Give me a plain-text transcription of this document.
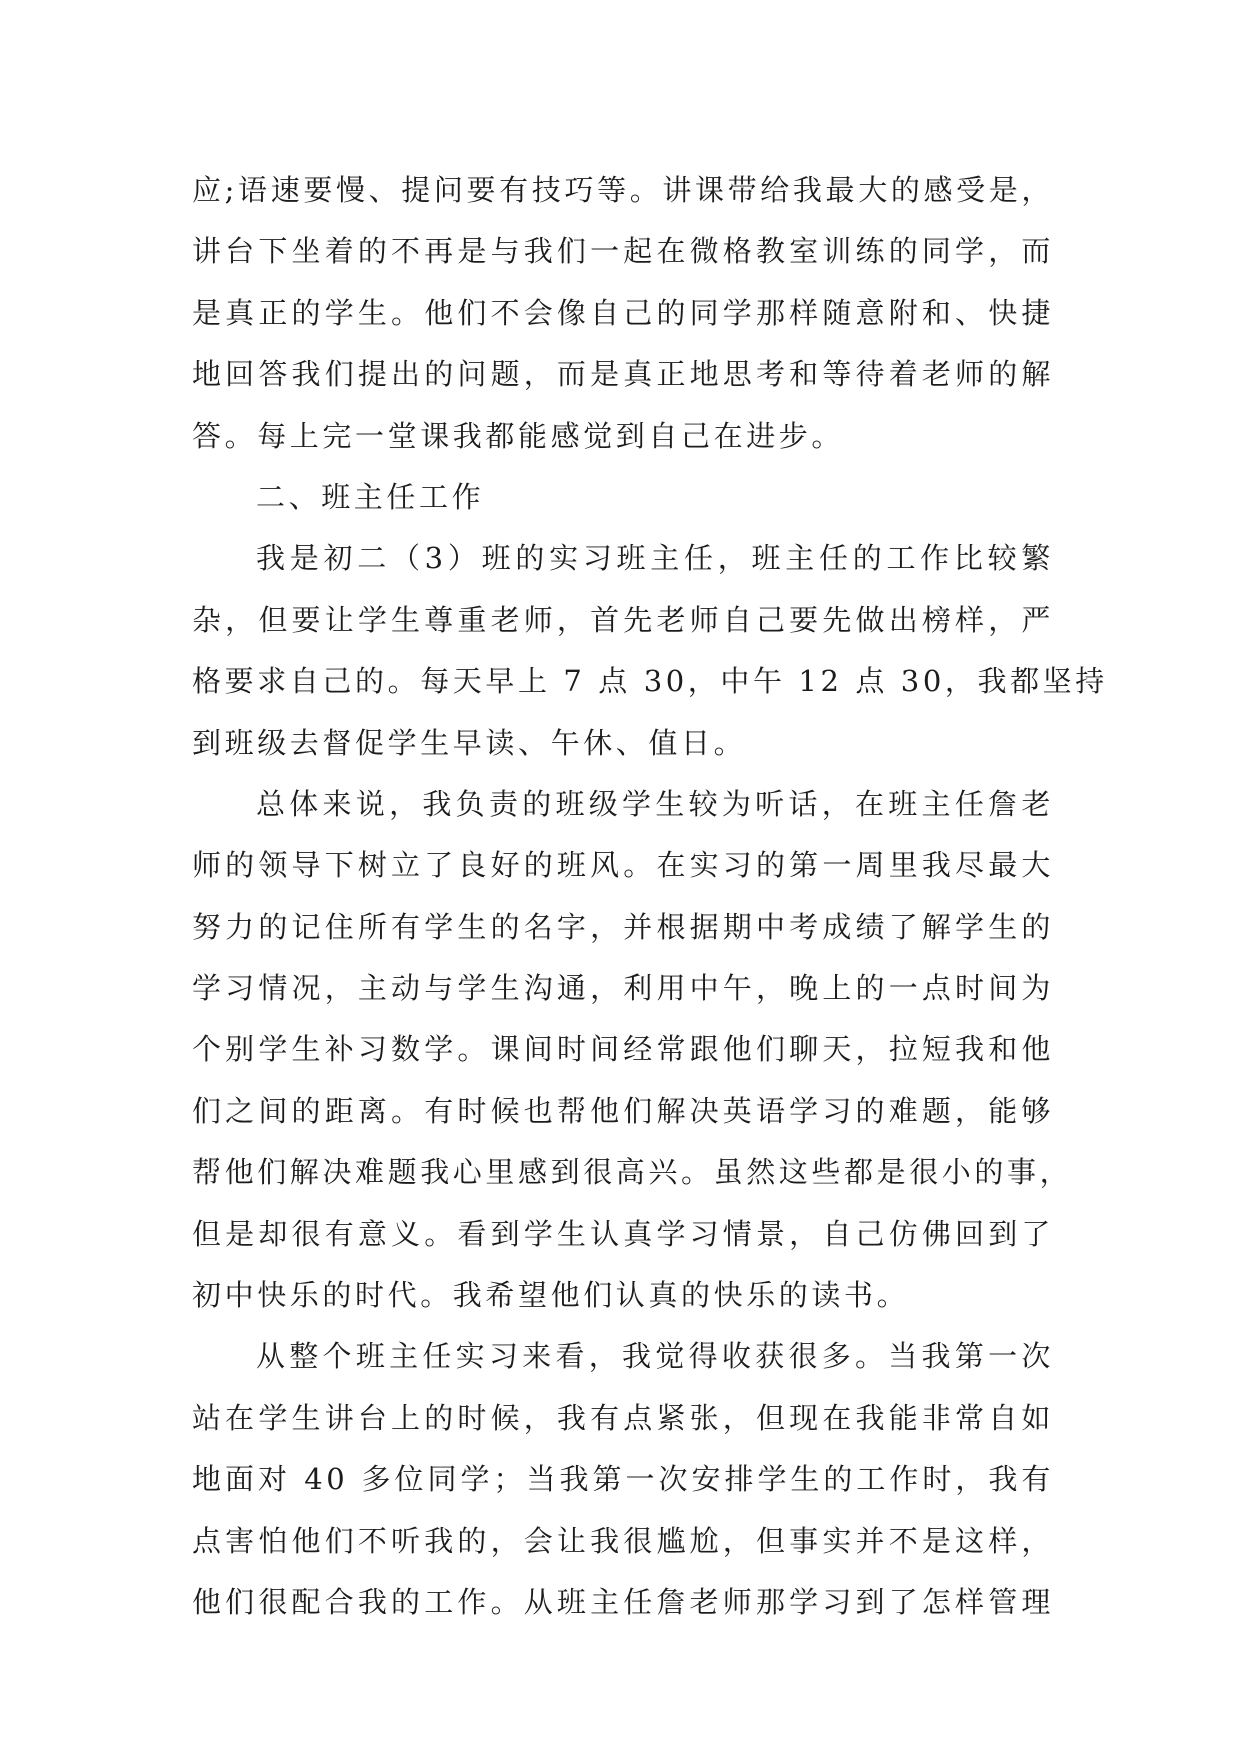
应;语速要慢、提问要有技巧等。讲课带给我最大的感受是，
讲台下坐着的不再是与我们一起在微格教室训练的同学，而
是真正的学生。他们不会像自己的同学那样随意附和、快捷
地回答我们提出的问题，而是真正地思考和等待着老师的解
答。每上完一堂课我都能感觉到自己在进步。
二、班主任工作
我是初二（3）班的实习班主任，班主任的工作比较繁
杂，但要让学生尊重老师，首先老师自己要先做出榜样，严
格要求自己的。每天早上 7 点 30，中午 12 点 30，我都坚持
到班级去督促学生早读、午休、值日。
总体来说，我负责的班级学生较为听话，在班主任詹老
师的领导下树立了良好的班风。在实习的第一周里我尽最大
努力的记住所有学生的名字，并根据期中考成绩了解学生的
学习情况，主动与学生沟通，利用中午，晚上的一点时间为
个别学生补习数学。课间时间经常跟他们聊天，拉短我和他
们之间的距离。有时候也帮他们解决英语学习的难题，能够
帮他们解决难题我心里感到很高兴。虽然这些都是很小的事，
但是却很有意义。看到学生认真学习情景，自己仿佛回到了
初中快乐的时代。我希望他们认真的快乐的读书。
从整个班主任实习来看，我觉得收获很多。当我第一次
站在学生讲台上的时候，我有点紧张，但现在我能非常自如
地面对 40 多位同学；当我第一次安排学生的工作时，我有
点害怕他们不听我的，会让我很尴尬，但事实并不是这样，
他们很配合我的工作。从班主任詹老师那学习到了怎样管理
